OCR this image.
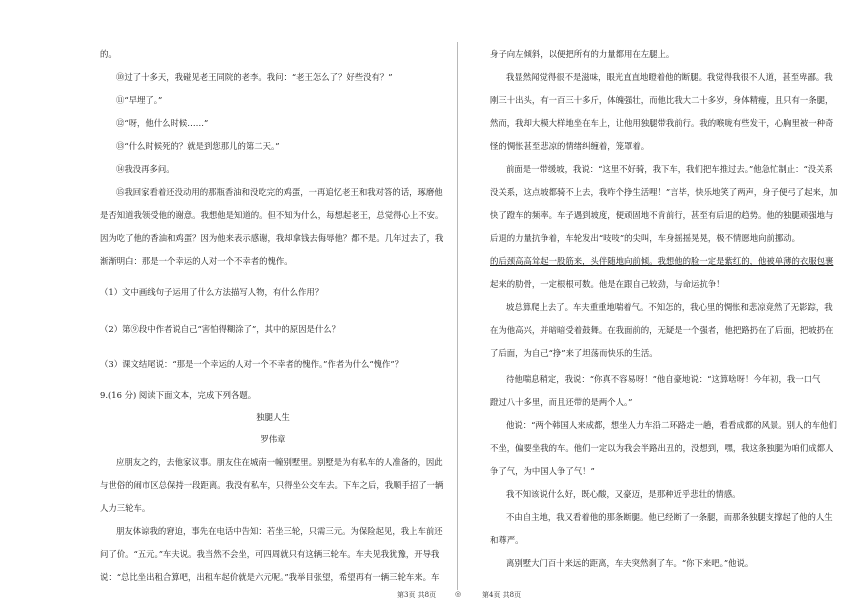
的。
⑩过了十多天，我碰见老王同院的老李。我问：“老王怎么了？好些没有？”
⑪“早埋了。”
⑫“呀，他什么时候……”
⑬“什么时候死的？就是到您那儿的第二天。”
⑭我没再多问。
⑮我回家看着还没动用的那瓶香油和没吃完的鸡蛋，一再追忆老王和我对答的话，琢磨他
是否知道我领受他的谢意。我想他是知道的。但不知为什么，每想起老王，总觉得心上不安。
因为吃了他的香油和鸡蛋？因为他来表示感谢，我却拿钱去侮辱他？都不是。几年过去了，我
渐渐明白：那是一个幸运的人对一个不幸者的愧作。
（1）文中画线句子运用了什么方法描写人物，有什么作用？
（2）第⑨段中作者说自己“害怕得糊涂了”，其中的原因是什么？
（3）课文结尾说：“那是一个幸运的人对一个不幸者的愧作。”作者为什么“愧作”？
9.(16 分) 阅读下面文本，完成下列各题。
独腿人生
罗伟章
应朋友之约，去他家议事。朋友住在城南一幢别墅里。别墅是为有私车的人准备的，因此
与世俗的闹市区总保持一段距离。我没有私车，只得坐公交车去。下车之后，我顺手招了一辆
人力三轮车。
朋友体谅我的窘迫，事先在电话中告知：若坐三轮，只需三元。为保险起见，我上车前还
问了价。“五元。”车夫说。我当然不会坐，可四周就只有这辆三轮车。车夫见我犹豫，开导我
说：“总比坐出租合算吧，出租车起价就是六元呢。”我举目张望，希望再有一辆三轮车来。车
身子向左倾斜，以便把所有的力量都用在左腿上。
我显然闻觉得很不是滋味，眼光直直地瞪着他的断腿。我觉得我很不人道，甚至卑鄙。我
刚三十出头，有一百三十多斤，体魄强壮，而他比我大二十多岁，身体精瘦，且只有一条腿，
然而，我却大模大样地坐在车上，让他用独腿带我前行。我的喉咙有些发干，心胸里被一种奇
怪的惆怅甚至悲凉的情绪纠缠着，笼罩着。
前面是一带缓坡，我说：“这里不好骑，我下车，我们把车推过去。”他急忙制止：“没关系
没关系，这点坡都骑不上去，我咋个挣生活哩！”言毕，快乐地笑了两声，身子便弓了起来，加
快了蹬车的频率。车子遇到坡度，便顽固地不肯前行，甚至有后退的趋势。他的独腿顽强地与
后退的力量抗争着，车轮发出“吱吱”的尖叫，车身摇摇晃晃，极不情愿地向前挪动。
的后颈高高耸起一股筋来，头伴随地向前倾。我想他的脸一定是紫红的，他被单薄的衣服包裹
起来的肋骨，一定根根可数。他是在跟自己较劲，与命运抗争！
坡总算爬上去了。车夫重重地喘着气。不知怎的，我心里的惆怅和悲凉竟然了无影踪，我
在为他高兴，并暗暗受着鼓舞。在我面前的，无疑是一个强者，他把路扔在了后面，把坡扔在
了后面，为自己“挣”来了坦荡而快乐的生活。
待他喘息稍定，我说：“你真不容易呀！”他自豪地说：“这算啥呀！今年初，我一口气
蹬过八十多里，而且还带的是两个人。”
他说：“两个韩国人来成都，想坐人力车沿二环路走一趟，看看成都的风景。别人的车他们
不坐，偏要坐我的车。他们一定以为我会半路出丑的，没想到，嘿，我这条独腿为咱们成都人
争了气，为中国人争了气！”
我不知该说什么好，既心酸，又豪迈，是那种近乎悲壮的情感。
不由自主地，我又看着他的那条断腿。他已经断了一条腿，而那条独腿支撑起了他的人生
和尊严。
离别墅大门百十来远的距离，车夫突然刹了车。“你下来吧。”他说。
第3页 共8页	◎	第4页 共8页
